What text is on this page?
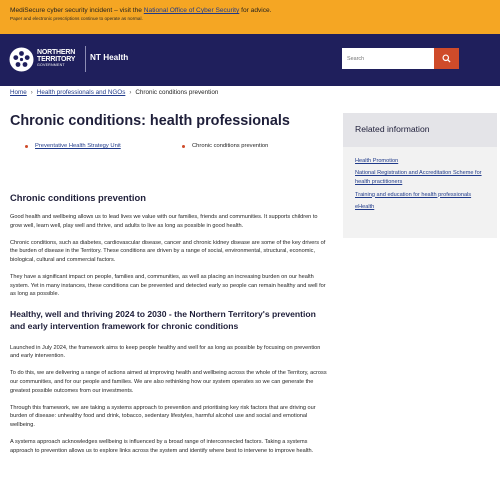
MediSecure cyber security incident – visit the National Office of Cyber Security for advice.
Paper and electronic prescriptions continue to operate as normal.
NORTHERN
TERRITORY
GOVERNMENT
NT Health
Search
Home › Health professionals and NGOs › Chronic conditions prevention
Chronic conditions: health professionals
Preventative Health Strategy Unit	Chronic conditions prevention
Chronic conditions prevention

Good health and wellbeing allows us to lead lives we value with our families, friends and communities. It supports children to grow well, learn well, play well and thrive, and adults to live as long as possible in good health.

Chronic conditions, such as diabetes, cardiovascular disease, cancer and chronic kidney disease are some of the key drivers of the burden of disease in the Territory. These conditions are driven by a range of social, environmental, structural, economic, biological, cultural and commercial factors.

They have a significant impact on people, families and, communities, as well as placing an increasing burden on our health system. Yet in many instances, these conditions can be prevented and detected early so people can remain healthy and well for as long as possible.

Healthy, well and thriving 2024 to 2030 - the Northern Territory's prevention and early intervention framework for chronic conditions

Launched in July 2024, the framework aims to keep people healthy and well for as long as possible by focusing on prevention and early intervention.

To do this, we are delivering a range of actions aimed at improving health and wellbeing across the whole of the Territory, across our communities, and for our people and families. We are also rethinking how our system operates so we can generate the greatest possible outcomes from our investments.

Through this framework, we are taking a systems approach to prevention and prioritising key risk factors that are driving our burden of disease: unhealthy food and drink, tobacco, sedentary lifestyles, harmful alcohol use and social and emotional wellbeing.

A systems approach acknowledges wellbeing is influenced by a broad range of interconnected factors. Taking a systems approach to prevention allows us to explore links across the system and identify where best to intervene to improve health.

Related information
Health Promotion
National Registration and Accreditation Scheme for health practitioners
Training and education for health professionals
eHealth
